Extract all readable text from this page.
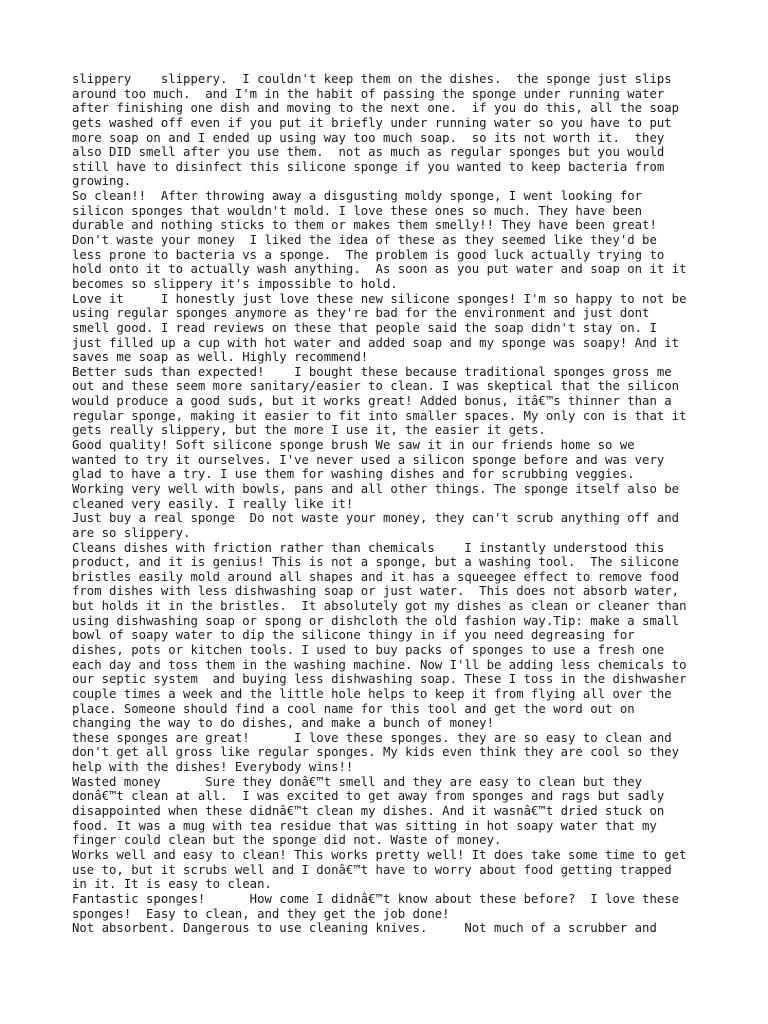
slippery    slippery.  I couldn't keep them on the dishes.  the sponge just slips
around too much.  and I'm in the habit of passing the sponge under running water
after finishing one dish and moving to the next one.  if you do this, all the soap
gets washed off even if you put it briefly under running water so you have to put
more soap on and I ended up using way too much soap.  so its not worth it.  they
also DID smell after you use them.  not as much as regular sponges but you would
still have to disinfect this silicone sponge if you wanted to keep bacteria from
growing.
So clean!!  After throwing away a disgusting moldy sponge, I went looking for
silicon sponges that wouldn't mold. I love these ones so much. They have been
durable and nothing sticks to them or makes them smelly!! They have been great!
Don't waste your money  I liked the idea of these as they seemed like they'd be
less prone to bacteria vs a sponge.  The problem is good luck actually trying to
hold onto it to actually wash anything.  As soon as you put water and soap on it it
becomes so slippery it's impossible to hold.
Love it     I honestly just love these new silicone sponges! I'm so happy to not be
using regular sponges anymore as they're bad for the environment and just dont
smell good. I read reviews on these that people said the soap didn't stay on. I
just filled up a cup with hot water and added soap and my sponge was soapy! And it
saves me soap as well. Highly recommend!
Better suds than expected!    I bought these because traditional sponges gross me
out and these seem more sanitary/easier to clean. I was skeptical that the silicon
would produce a good suds, but it works great! Added bonus, itâ€™s thinner than a
regular sponge, making it easier to fit into smaller spaces. My only con is that it
gets really slippery, but the more I use it, the easier it gets.
Good quality! Soft silicone sponge brush We saw it in our friends home so we
wanted to try it ourselves. I've never used a silicon sponge before and was very
glad to have a try. I use them for washing dishes and for scrubbing veggies.
Working very well with bowls, pans and all other things. The sponge itself also be
cleaned very easily. I really like it!
Just buy a real sponge  Do not waste your money, they can't scrub anything off and
are so slippery.
Cleans dishes with friction rather than chemicals    I instantly understood this
product, and it is genius! This is not a sponge, but a washing tool.  The silicone
bristles easily mold around all shapes and it has a squeegee effect to remove food
from dishes with less dishwashing soap or just water.  This does not absorb water,
but holds it in the bristles.  It absolutely got my dishes as clean or cleaner than
using dishwashing soap or spong or dishcloth the old fashion way.Tip: make a small
bowl of soapy water to dip the silicone thingy in if you need degreasing for
dishes, pots or kitchen tools. I used to buy packs of sponges to use a fresh one
each day and toss them in the washing machine. Now I'll be adding less chemicals to
our septic system  and buying less dishwashing soap. These I toss in the dishwasher
couple times a week and the little hole helps to keep it from flying all over the
place. Someone should find a cool name for this tool and get the word out on
changing the way to do dishes, and make a bunch of money!
these sponges are great!      I love these sponges. they are so easy to clean and
don't get all gross like regular sponges. My kids even think they are cool so they
help with the dishes! Everybody wins!!
Wasted money      Sure they donâ€™t smell and they are easy to clean but they
donâ€™t clean at all.  I was excited to get away from sponges and rags but sadly
disappointed when these didnâ€™t clean my dishes. And it wasnâ€™t dried stuck on
food. It was a mug with tea residue that was sitting in hot soapy water that my
finger could clean but the sponge did not. Waste of money.
Works well and easy to clean! This works pretty well! It does take some time to get
use to, but it scrubs well and I donâ€™t have to worry about food getting trapped
in it. It is easy to clean.
Fantastic sponges!      How come I didnâ€™t know about these before?  I love these
sponges!  Easy to clean, and they get the job done!
Not absorbent. Dangerous to use cleaning knives.     Not much of a scrubber and
